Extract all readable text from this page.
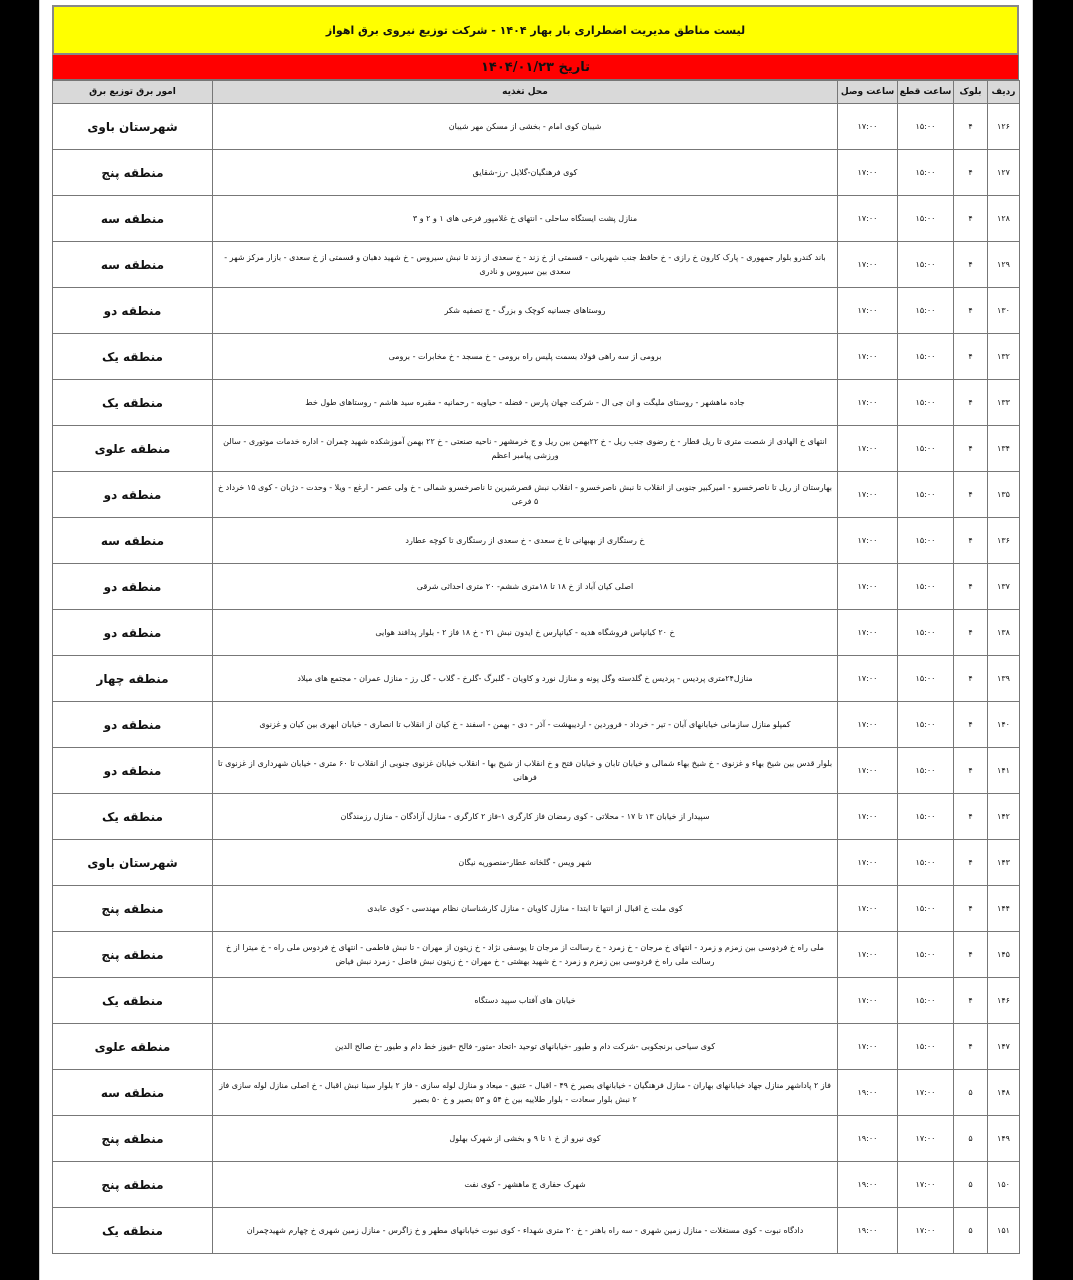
لیست مناطق مدیریت اضطراری بار بهار ۱۴۰۴ - شرکت توزیع نیروی برق اهواز
تاریخ ۱۴۰۴/۰۱/۲۳
ردیف	بلوک	ساعت قطع	ساعت وصل	محل تغذیه	امور برق توزیع برق
۱۲۶	۴	۱۵:۰۰	۱۷:۰۰	شیبان کوی امام - بخشی از مسکن مهر شیبان	شهرستان باوی
۱۲۷	۴	۱۵:۰۰	۱۷:۰۰	کوی فرهنگیان-گلایل -رز-شقایق	منطقه پنج
۱۲۸	۴	۱۵:۰۰	۱۷:۰۰	منازل پشت ایستگاه ساحلی - انتهای خ غلامپور فرعی های ۱ و ۲ و ۳	منطقه سه
۱۲۹	۴	۱۵:۰۰	۱۷:۰۰	باند کندرو بلوار جمهوری - پارک کارون خ رازی - خ حافظ جنب شهربانی - قسمتی از خ زند - خ سعدی از زند تا نبش سیروس - خ شهید دهبان و قسمتی از خ سعدی - بازار مرکز شهر - سعدی بین سیروس و نادری	منطقه سه
۱۳۰	۴	۱۵:۰۰	۱۷:۰۰	روستاهای جسانیه کوچک و بزرگ - ج تصفیه شکر	منطقه دو
۱۳۲	۴	۱۵:۰۰	۱۷:۰۰	برومی از سه راهی فولاد بسمت پلیس راه برومی - خ مسجد - خ مخابرات - برومی	منطقه یک
۱۳۳	۴	۱۵:۰۰	۱۷:۰۰	جاده ماهشهر - روستای ملیگت و ان جی ال - شرکت جهان پارس - فضله - حیاویه - رحمانیه - مقبره سید هاشم - روستاهای طول خط	منطقه یک
۱۳۴	۴	۱۵:۰۰	۱۷:۰۰	انتهای خ الهادی از شصت متری تا ریل قطار - خ رضوی جنب ریل - خ ۲۲بهمن بین ریل و ج خرمشهر - ناحیه صنعتی - خ ۲۲ بهمن آموزشکده شهید چمران - اداره خدمات موتوری - سالن ورزشی پیامبر اعظم	منطقه علوی
۱۳۵	۴	۱۵:۰۰	۱۷:۰۰	بهارستان از ریل تا ناصرخسرو - امیرکبیر جنوبی از انقلاب تا نبش ناصرخسرو - انقلاب نبش قصرشیرین تا ناصرخسرو شمالی - خ ولی عصر - ارغع - ویلا - وحدت - دژبان - کوی ۱۵ خرداد خ ۵ فرعی	منطقه دو
۱۳۶	۴	۱۵:۰۰	۱۷:۰۰	خ رستگاری از بهبهانی تا خ سعدی - خ سعدی از رستگاری تا کوچه عطارد	منطقه سه
۱۳۷	۴	۱۵:۰۰	۱۷:۰۰	اصلی کیان آباد از خ ۱۸ تا ۱۸متری ششم- ۲۰ متری احداثی شرقی	منطقه دو
۱۳۸	۴	۱۵:۰۰	۱۷:۰۰	خ ۲۰ کیانپاس فروشگاه هدیه - کیانپارس خ ایدون نبش ۲۱ - خ ۱۸ فاز ۲ - بلوار پدافند هوایی	منطقه دو
۱۳۹	۴	۱۵:۰۰	۱۷:۰۰	منازل۲۴متری پردیس - پردیس خ گلدسته وگل پونه و منازل نورد و کاویان - گلبرگ -گلرخ - گلاب - گل رز - منازل عمران - مجتمع های میلاد	منطقه چهار
۱۴۰	۴	۱۵:۰۰	۱۷:۰۰	کمپلو منازل سازمانی خیابانهای آبان - تیر - خرداد - فروردین - اردیبهشت - آذر - دی - بهمن - اسفند - خ کیان از انقلاب تا انصاری - خیابان ابهری بین کیان و غزنوی	منطقه دو
۱۴۱	۴	۱۵:۰۰	۱۷:۰۰	بلوار قدس بین شیخ بهاء و غزنوی - خ شیخ بهاء شمالی و خیابان تابان و خیابان فتح و خ انقلاب از شیخ بها - انقلاب خیابان غزنوی جنوبی از انقلاب تا ۶۰ متری - خیابان شهرداری از غزنوی تا فرهانی	منطقه دو
۱۴۲	۴	۱۵:۰۰	۱۷:۰۰	سپیدار از خیابان ۱۳ تا ۱۷ - محلاتی - کوی رمضان فاز کارگری ۱-فاز ۲ کارگری - منازل آزادگان - منازل رزمندگان	منطقه یک
۱۴۳	۴	۱۵:۰۰	۱۷:۰۰	شهر ویس - گلخانه عطار-منصوریه نیگان	شهرستان باوی
۱۴۴	۴	۱۵:۰۰	۱۷:۰۰	کوی ملت خ اقبال از انتها تا ابتدا - منازل کاویان - منازل کارشناسان نظام مهندسی - کوی عابدی	منطقه پنج
۱۴۵	۴	۱۵:۰۰	۱۷:۰۰	ملی راه خ فردوسی بین زمزم و زمرد - انتهای خ مرجان - خ زمرد - خ رسالت از مرجان تا یوسفی نژاد - خ زیتون از مهران - تا نبش فاطمی - انتهای خ فردوس ملی راه - خ میترا از خ رسالت ملی راه خ فردوسی بین زمزم و زمرد - خ شهید بهشتی - خ مهران - خ زیتون نبش فاضل - زمرد نبش فیاض	منطقه پنج
۱۴۶	۴	۱۵:۰۰	۱۷:۰۰	خیابان های آفتاب سپید دستگاه	منطقه یک
۱۴۷	۴	۱۵:۰۰	۱۷:۰۰	کوی سیاحی برنجکوبی -شرکت دام و طیور -خیابانهای توحید -اتحاد -متور- فالح -فیوز خط دام و طیور -خ صالح الدین	منطقه علوی
۱۴۸	۵	۱۷:۰۰	۱۹:۰۰	فاز ۲ پاداشهر منازل جهاد خیابانهای بهاران - منازل فرهنگیان - خیابانهای بصیر خ ۴۹ - اقبال - عتیق - میعاد و منازل لوله سازی - فاز ۲ بلوار سینا نبش اقبال - خ اصلی منازل لوله سازی فاز ۲ نبش بلوار سعادت - بلوار طلاییه بین خ ۵۴ و ۵۳ بصیر و خ ۵۰ بصیر	منطقه سه
۱۴۹	۵	۱۷:۰۰	۱۹:۰۰	کوی نیرو از خ ۱ تا ۹ و بخشی از شهرک بهلول	منطقه پنج
۱۵۰	۵	۱۷:۰۰	۱۹:۰۰	شهرک حفاری ج ماهشهر - کوی نفت	منطقه پنج
۱۵۱	۵	۱۷:۰۰	۱۹:۰۰	دادگاه نبوت - کوی مستغلات - منازل زمین شهری - سه راه باهنر - خ ۲۰ متری شهداء - کوی نبوت خیابانهای مطهر و خ زاگرس - منازل زمین شهری خ چهارم شهیدچمران	منطقه یک
